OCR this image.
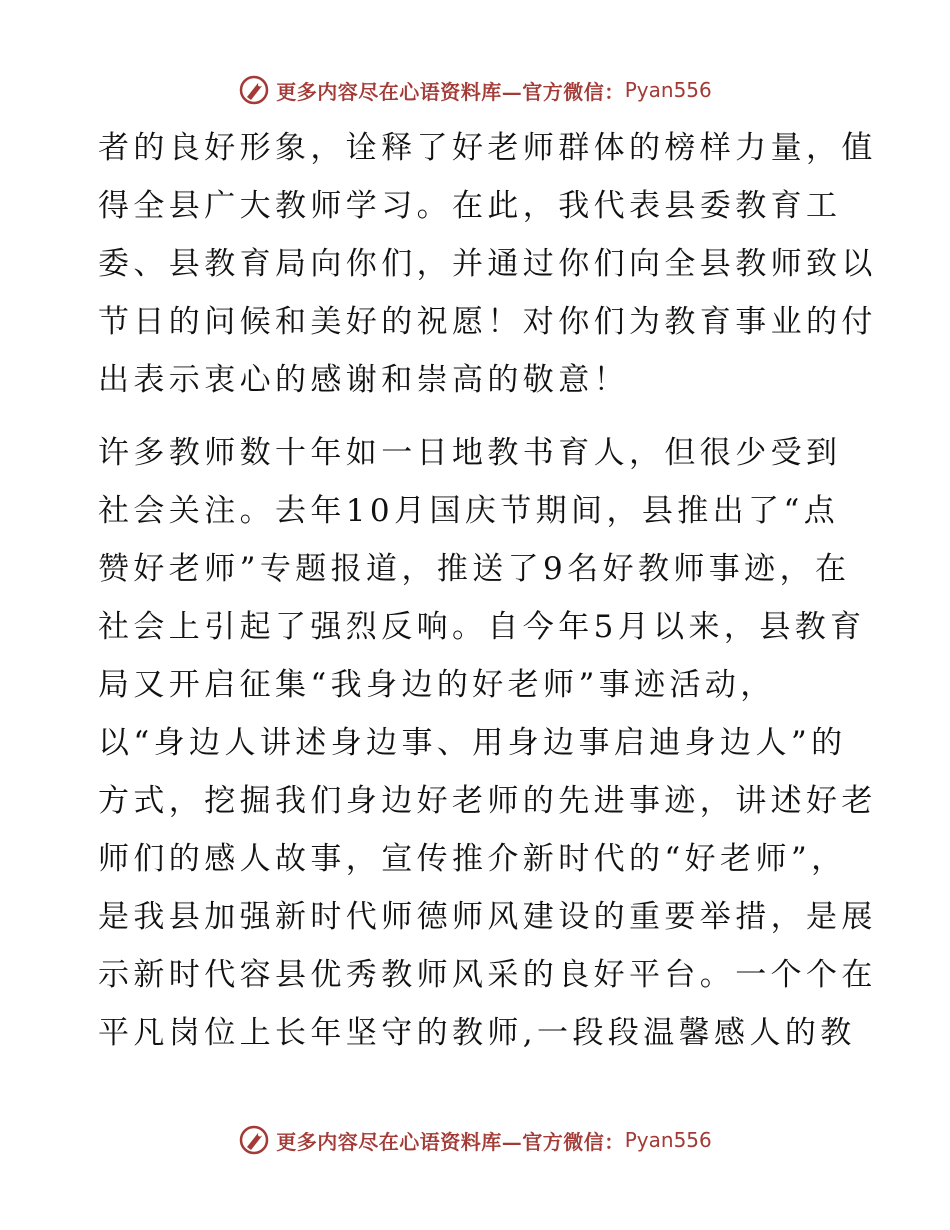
更多内容尽在心语资料库—官方微信： Pyan556
者的良好形象，诠释了好老师群体的榜样力量，值
得全县广大教师学习。在此，我代表县委教育工
委、县教育局向你们，并通过你们向全县教师致以
节日的问候和美好的祝愿！对你们为教育事业的付
出表示衷心的感谢和崇高的敬意！
许多教师数十年如一日地教书育人，但很少受到
社会关注。去年10月国庆节期间，县推出了“点
赞好老师”专题报道，推送了9名好教师事迹，在
社会上引起了强烈反响。自今年5月以来，县教育
局又开启征集“我身边的好老师”事迹活动，
以“身边人讲述身边事、用身边事启迪身边人”的
方式，挖掘我们身边好老师的先进事迹，讲述好老
师们的感人故事，宣传推介新时代的“好老师”，
是我县加强新时代师德师风建设的重要举措，是展
示新时代容县优秀教师风采的良好平台。一个个在
平凡岗位上长年坚守的教师,一段段温馨感人的教
更多内容尽在心语资料库—官方微信： Pyan556
